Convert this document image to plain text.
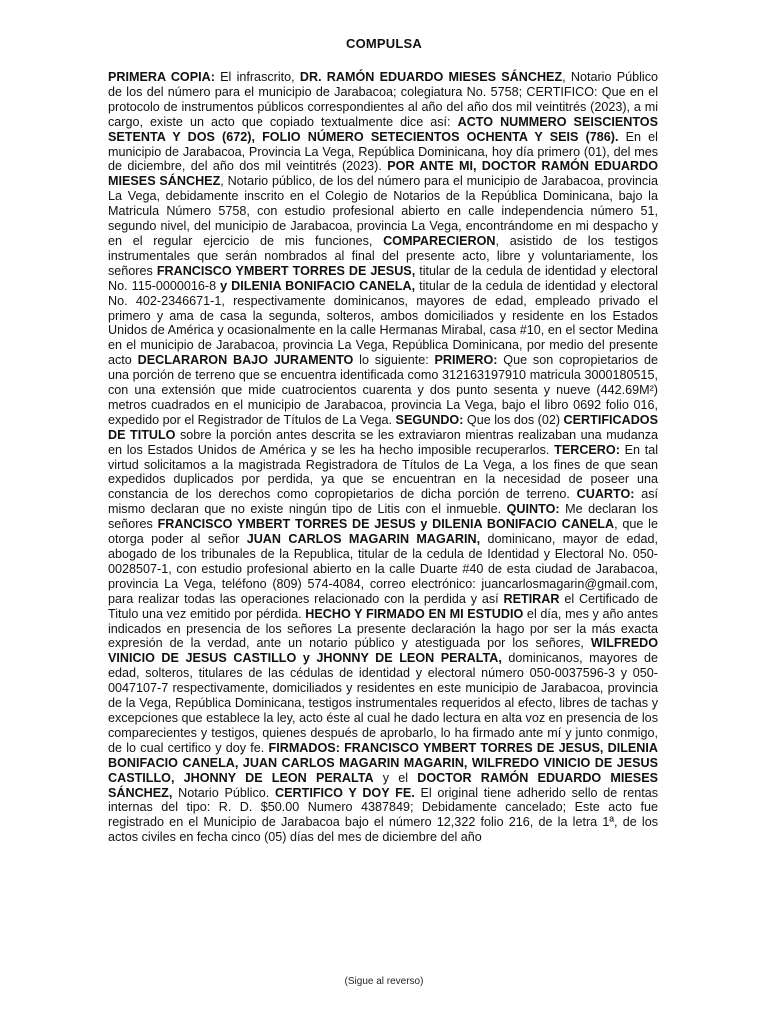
COMPULSA

PRIMERA COPIA: El infrascrito, DR. RAMÓN EDUARDO MIESES SÁNCHEZ, Notario Público de los del número para el municipio de Jarabacoa; colegiatura No. 5758; CERTIFICO: Que en el protocolo de instrumentos públicos correspondientes al año del año dos mil veintitrés (2023), a mi cargo, existe un acto que copiado textualmente dice así: ACTO NUMMERO SEISCIENTOS SETENTA Y DOS (672), FOLIO NÚMERO SETECIENTOS OCHENTA Y SEIS (786). En el municipio de Jarabacoa, Provincia La Vega, República Dominicana, hoy día primero (01), del mes de diciembre, del año dos mil veintitrés (2023). POR ANTE MI, DOCTOR RAMÓN EDUARDO MIESES SÁNCHEZ, Notario público, de los del número para el municipio de Jarabacoa, provincia La Vega, debidamente inscrito en el Colegio de Notarios de la República Dominicana, bajo la Matricula Número 5758, con estudio profesional abierto en calle independencia número 51, segundo nivel, del municipio de Jarabacoa, provincia La Vega, encontrándome en mi despacho y en el regular ejercicio de mis funciones, COMPARECIERON, asistido de los testigos instrumentales que serán nombrados al final del presente acto, libre y voluntariamente, los señores FRANCISCO YMBERT TORRES DE JESUS, titular de la cedula de identidad y electoral No. 115-0000016-8 y DILENIA BONIFACIO CANELA, titular de la cedula de identidad y electoral No. 402-2346671-1, respectivamente dominicanos, mayores de edad, empleado privado el primero y ama de casa la segunda, solteros, ambos domiciliados y residente en los Estados Unidos de América y ocasionalmente en la calle Hermanas Mirabal, casa #10, en el sector Medina en el municipio de Jarabacoa, provincia La Vega, República Dominicana, por medio del presente acto DECLARARON BAJO JURAMENTO lo siguiente: PRIMERO: Que son copropietarios de una porción de terreno que se encuentra identificada como 312163197910 matricula 3000180515, con una extensión que mide cuatrocientos cuarenta y dos punto sesenta y nueve (442.69M²) metros cuadrados en el municipio de Jarabacoa, provincia La Vega, bajo el libro 0692 folio 016, expedido por el Registrador de Títulos de La Vega. SEGUNDO: Que los dos (02) CERTIFICADOS DE TITULO sobre la porción antes descrita se les extraviaron mientras realizaban una mudanza en los Estados Unidos de América y se les ha hecho imposible recuperarlos. TERCERO: En tal virtud solicitamos a la magistrada Registradora de Títulos de La Vega, a los fines de que sean expedidos duplicados por perdida, ya que se encuentran en la necesidad de poseer una constancia de los derechos como copropietarios de dicha porción de terreno. CUARTO: así mismo declaran que no existe ningún tipo de Litis con el inmueble. QUINTO: Me declaran los señores FRANCISCO YMBERT TORRES DE JESUS y DILENIA BONIFACIO CANELA, que le otorga poder al señor JUAN CARLOS MAGARIN MAGARIN, dominicano, mayor de edad, abogado de los tribunales de la Republica, titular de la cedula de Identidad y Electoral No. 050-0028507-1, con estudio profesional abierto en la calle Duarte #40 de esta ciudad de Jarabacoa, provincia La Vega, teléfono (809) 574-4084, correo electrónico: juancarlosmagarin@gmail.com, para realizar todas las operaciones relacionado con la perdida y así RETIRAR el Certificado de Titulo una vez emitido por pérdida. HECHO Y FIRMADO EN MI ESTUDIO el día, mes y año antes indicados en presencia de los señores La presente declaración la hago por ser la más exacta expresión de la verdad, ante un notario público y atestiguada por los señores, WILFREDO VINICIO DE JESUS CASTILLO y JHONNY DE LEON PERALTA, dominicanos, mayores de edad, solteros, titulares de las cédulas de identidad y electoral número 050-0037596-3 y 050-0047107-7 respectivamente, domiciliados y residentes en este municipio de Jarabacoa, provincia de la Vega, República Dominicana, testigos instrumentales requeridos al efecto, libres de tachas y excepciones que establece la ley, acto éste al cual he dado lectura en alta voz en presencia de los comparecientes y testigos, quienes después de aprobarlo, lo ha firmado ante mí y junto conmigo, de lo cual certifico y doy fe. FIRMADOS: FRANCISCO YMBERT TORRES DE JESUS, DILENIA BONIFACIO CANELA, JUAN CARLOS MAGARIN MAGARIN, WILFREDO VINICIO DE JESUS CASTILLO, JHONNY DE LEON PERALTA y el DOCTOR RAMÓN EDUARDO MIESES SÁNCHEZ, Notario Público. CERTIFICO Y DOY FE. El original tiene adherido sello de rentas internas del tipo: R. D. $50.00 Numero 4387849; Debidamente cancelado; Este acto fue registrado en el Municipio de Jarabacoa bajo el número 12,322 folio 216, de la letra 1ª, de los actos civiles en fecha cinco (05) días del mes de diciembre del año

(Sigue al reverso)
